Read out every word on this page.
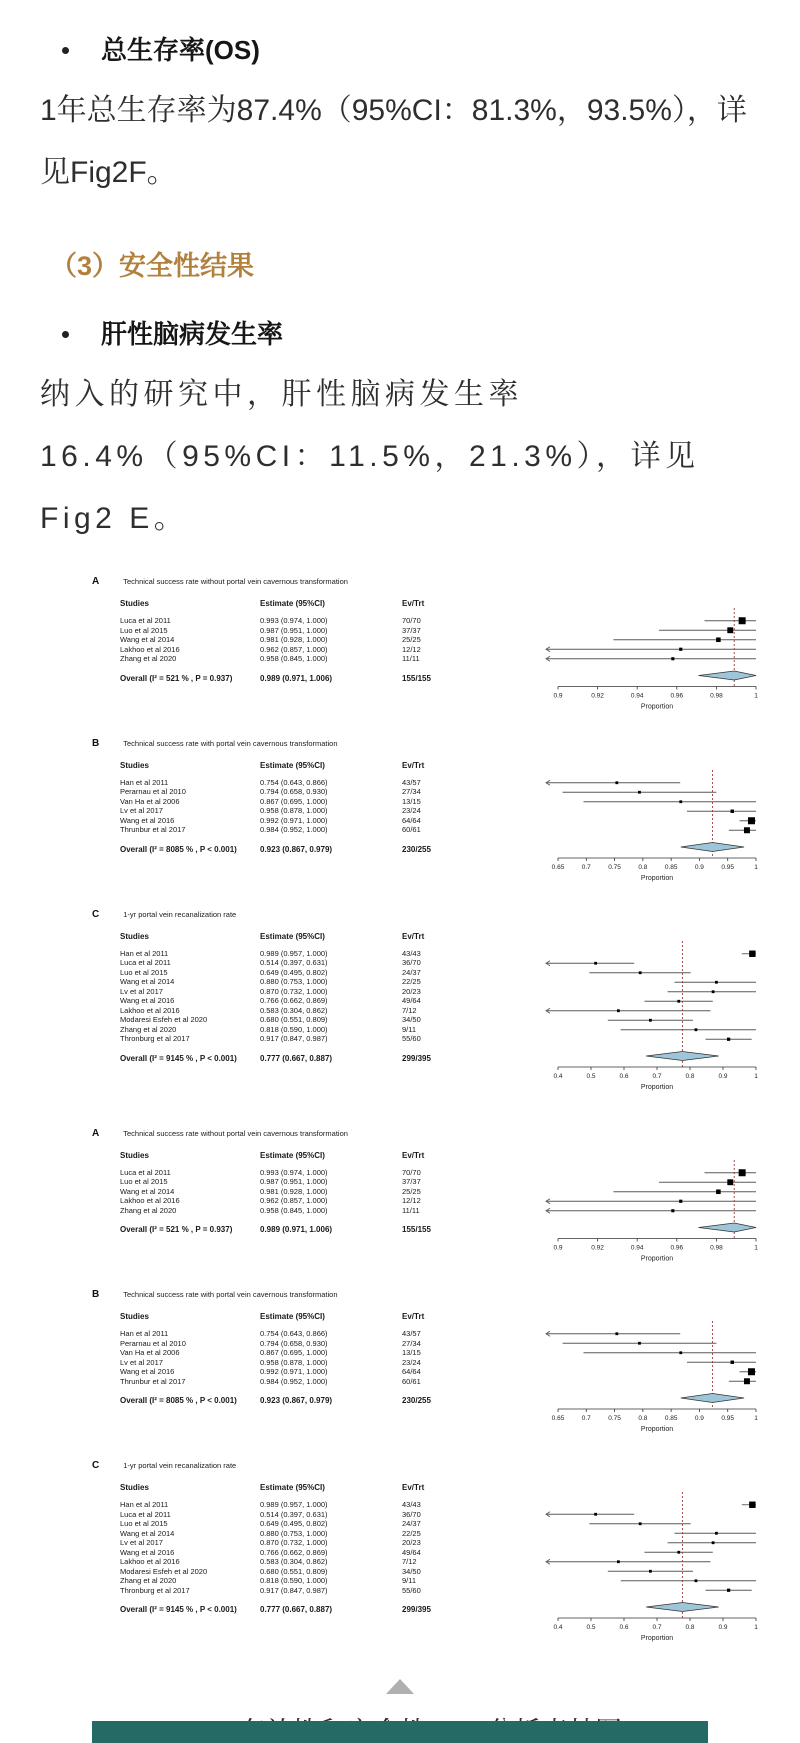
总生存率(OS)

1年总生存率为87.4%（95%CI：81.3%，93.5%），详见Fig2F。

（3）安全性结果
肝性脑病发生率

纳入的研究中，肝性脑病发生率16.4%（95%CI：11.5%，21.3%），详见Fig2 E。

A	Technical success rate without portal vein cavernous transformation
Studies	Estimate (95%CI)	Ev/Trt
Luca et al 2011	0.993 (0.974, 1.000)	70/70
Luo et al 2015	0.987 (0.951, 1.000)	37/37
Wang et al 2014	0.981 (0.928, 1.000)	25/25
Lakhoo et al 2016	0.962 (0.857, 1.000)	12/12
Zhang et al 2020	0.958 (0.845, 1.000)	11/11
Overall (I² = 521 % , P = 0.937)	0.989 (0.971, 1.006)	155/155
0.9	0.92	0.94	0.96	0.98	1
Proportion
B	Technical success rate with portal vein cavernous transformation
Studies	Estimate (95%CI)	Ev/Trt
Han et al 2011	0.754 (0.643, 0.866)	43/57
Perarnau et al 2010	0.794 (0.658, 0.930)	27/34
Van Ha et al 2006	0.867 (0.695, 1.000)	13/15
Lv et al 2017	0.958 (0.878, 1.000)	23/24
Wang et al 2016	0.992 (0.971, 1.000)	64/64
Thrunbur et al 2017	0.984 (0.952, 1.000)	60/61
Overall (I² = 8085 % , P < 0.001)	0.923 (0.867, 0.979)	230/255
0.65	0.7	0.75	0.8	0.85	0.9	0.95	1
Proportion
C	1-yr portal vein recanalization rate
Studies	Estimate (95%CI)	Ev/Trt
Han et al 2011	0.989 (0.957, 1.000)	43/43
Luca et al 2011	0.514 (0.397, 0.631)	36/70
Luo et al 2015	0.649 (0.495, 0.802)	24/37
Wang et al 2014	0.880 (0.753, 1.000)	22/25
Lv et al 2017	0.870 (0.732, 1.000)	20/23
Wang et al 2016	0.766 (0.662, 0.869)	49/64
Lakhoo et al 2016	0.583 (0.304, 0.862)	7/12
Modaresi Esfeh et al 2020	0.680 (0.551, 0.809)	34/50
Zhang et al 2020	0.818 (0.590, 1.000)	9/11
Thronburg et al 2017	0.917 (0.847, 0.987)	55/60
Overall (I² = 9145 % , P < 0.001)	0.777 (0.667, 0.887)	299/395
0.4	0.5	0.6	0.7	0.8	0.9	1
Proportion
A	Technical success rate without portal vein cavernous transformation
Studies	Estimate (95%CI)	Ev/Trt
Luca et al 2011	0.993 (0.974, 1.000)	70/70
Luo et al 2015	0.987 (0.951, 1.000)	37/37
Wang et al 2014	0.981 (0.928, 1.000)	25/25
Lakhoo et al 2016	0.962 (0.857, 1.000)	12/12
Zhang et al 2020	0.958 (0.845, 1.000)	11/11
Overall (I² = 521 % , P = 0.937)	0.989 (0.971, 1.006)	155/155
0.9	0.92	0.94	0.96	0.98	1
Proportion
B	Technical success rate with portal vein cavernous transformation
Studies	Estimate (95%CI)	Ev/Trt
Han et al 2011	0.754 (0.643, 0.866)	43/57
Perarnau et al 2010	0.794 (0.658, 0.930)	27/34
Van Ha et al 2006	0.867 (0.695, 1.000)	13/15
Lv et al 2017	0.958 (0.878, 1.000)	23/24
Wang et al 2016	0.992 (0.971, 1.000)	64/64
Thrunbur et al 2017	0.984 (0.952, 1.000)	60/61
Overall (I² = 8085 % , P < 0.001)	0.923 (0.867, 0.979)	230/255
0.65	0.7	0.75	0.8	0.85	0.9	0.95	1
Proportion
C	1-yr portal vein recanalization rate
Studies	Estimate (95%CI)	Ev/Trt
Han et al 2011	0.989 (0.957, 1.000)	43/43
Luca et al 2011	0.514 (0.397, 0.631)	36/70
Luo et al 2015	0.649 (0.495, 0.802)	24/37
Wang et al 2014	0.880 (0.753, 1.000)	22/25
Lv et al 2017	0.870 (0.732, 1.000)	20/23
Wang et al 2016	0.766 (0.662, 0.869)	49/64
Lakhoo et al 2016	0.583 (0.304, 0.862)	7/12
Modaresi Esfeh et al 2020	0.680 (0.551, 0.809)	34/50
Zhang et al 2020	0.818 (0.590, 1.000)	9/11
Thronburg et al 2017	0.917 (0.847, 0.987)	55/60
Overall (I² = 9145 % , P < 0.001)	0.777 (0.667, 0.887)	299/395
0.4	0.5	0.6	0.7	0.8	0.9	1
Proportion
